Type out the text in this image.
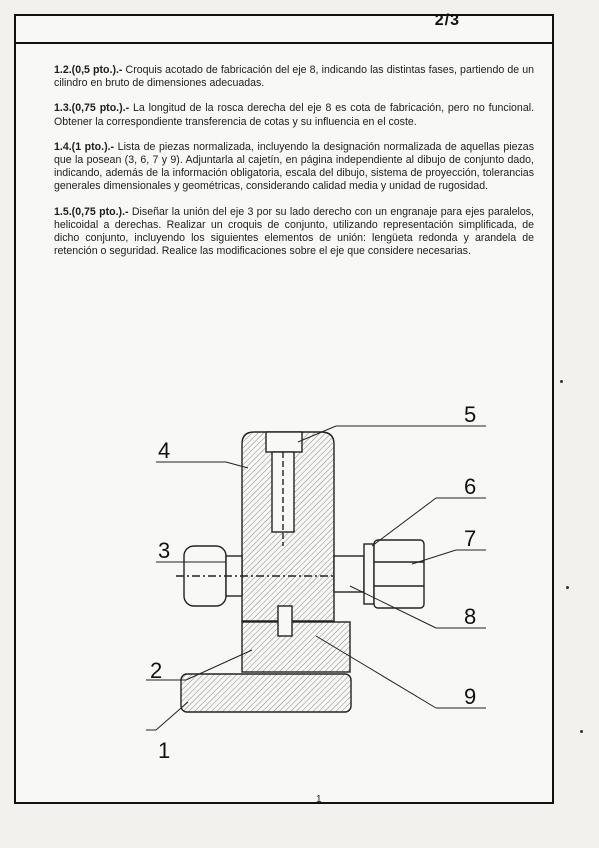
2/3

1.2.(0,5 pto.).- Croquis acotado de fabricación del eje 8, indicando las distintas fases, partiendo de un cilindro en bruto de dimensiones adecuadas.

1.3.(0,75 pto.).- La longitud de la rosca derecha del eje 8 es cota de fabricación, pero no funcional. Obtener la correspondiente transferencia de cotas y su influencia en el coste.

1.4.(1 pto.).- Lista de piezas normalizada, incluyendo la designación normalizada de aquellas piezas que la posean (3, 6, 7 y 9). Adjuntarla al cajetín, en página independiente al dibujo de conjunto dado, indicando, además de la información obligatoria, escala del dibujo, sistema de proyección, tolerancias generales dimensionales y geométricas, considerando calidad media y unidad de rugosidad.

1.5.(0,75 pto.).- Diseñar la unión del eje 3 por su lado derecho con un engranaje para ejes paralelos, helicoidal a derechas. Realizar un croquis de conjunto, utilizando representación simplificada, de dicho conjunto, incluyendo los siguientes elementos de unión: lengüeta redonda y arandela de retención o seguridad. Realice las modificaciones sobre el eje que considere necesarias.

1
2
3
4
5
6
7
8
9
1
